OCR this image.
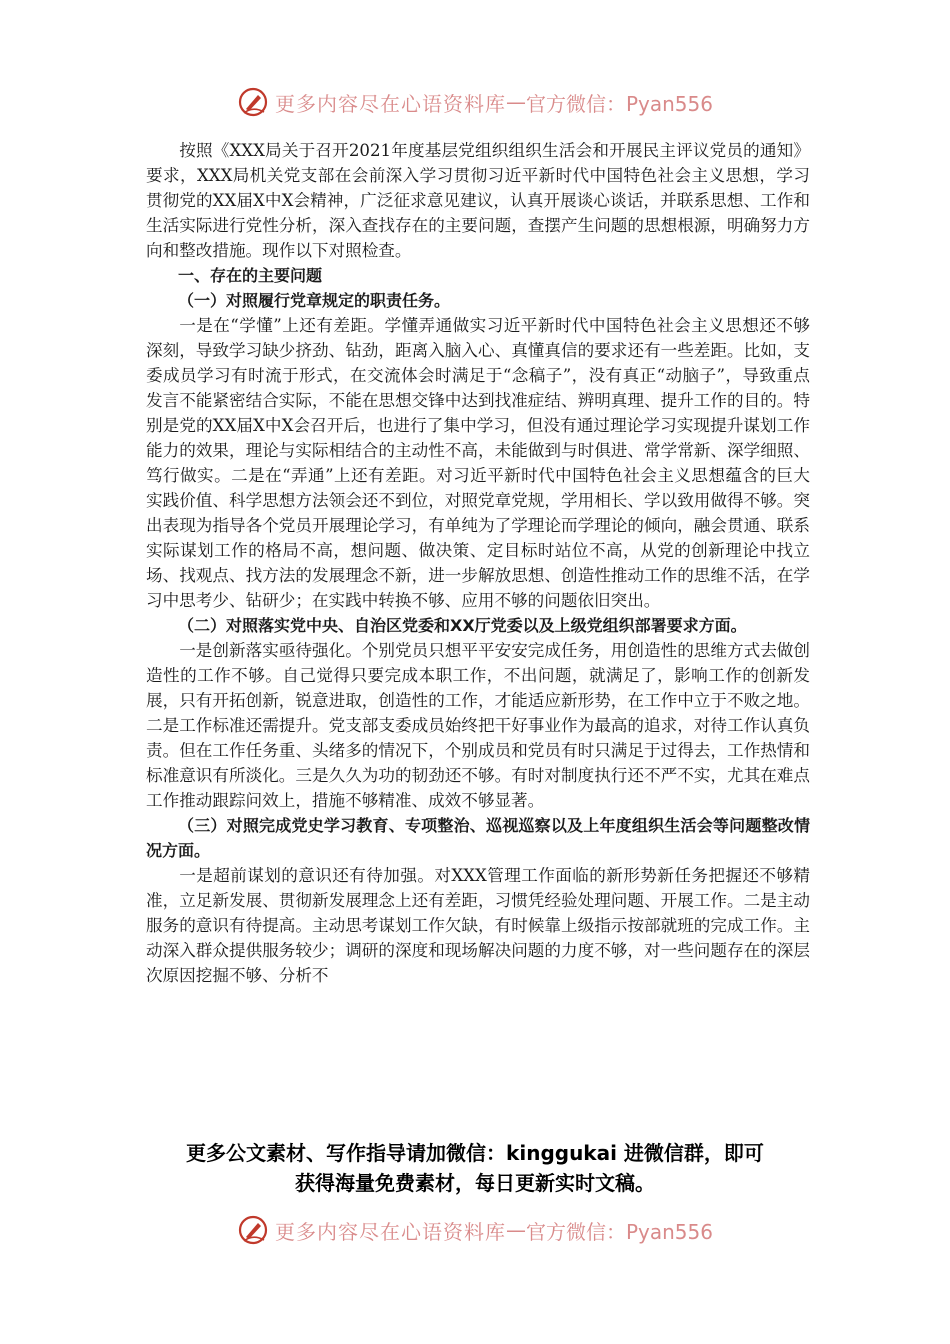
更多内容尽在心语资料库 — 官方微信：Pyan556

按照《XXX局关于召开2021年度基层党组织组织生活会和开展民主评议党员的通知》要求，XXX局机关党支部在会前深入学习贯彻习近平新时代中国特色社会主义思想，学习贯彻党的XX届X中X会精神，广泛征求意见建议，认真开展谈心谈话，并联系思想、工作和生活实际进行党性分析，深入查找存在的主要问题，查摆产生问题的思想根源，明确努力方向和整改措施。现作以下对照检查。

一、存在的主要问题

（一）对照履行党章规定的职责任务。

一是在“学懂”上还有差距。学懂弄通做实习近平新时代中国特色社会主义思想还不够深刻，导致学习缺少挤劲、钻劲，距离入脑入心、真懂真信的要求还有一些差距。比如，支委成员学习有时流于形式，在交流体会时满足于“念稿子”，没有真正“动脑子”，导致重点发言不能紧密结合实际，不能在思想交锋中达到找准症结、辨明真理、提升工作的目的。特别是党的XX届X中X会召开后，也进行了集中学习，但没有通过理论学习实现提升谋划工作能力的效果，理论与实际相结合的主动性不高，未能做到与时俱进、常学常新、深学细照、笃行做实。二是在“弄通”上还有差距。对习近平新时代中国特色社会主义思想蕴含的巨大实践价值、科学思想方法领会还不到位，对照党章党规，学用相长、学以致用做得不够。突出表现为指导各个党员开展理论学习，有单纯为了学理论而学理论的倾向，融会贯通、联系实际谋划工作的格局不高，想问题、做决策、定目标时站位不高，从党的创新理论中找立场、找观点、找方法的发展理念不新，进一步解放思想、创造性推动工作的思维不活，在学习中思考少、钻研少；在实践中转换不够、应用不够的问题依旧突出。

（二）对照落实党中央、自治区党委和XX厅党委以及上级党组织部署要求方面。

一是创新落实亟待强化。个别党员只想平平安安完成任务，用创造性的思维方式去做创造性的工作不够。自己觉得只要完成本职工作，不出问题，就满足了，影响工作的创新发展，只有开拓创新，锐意进取，创造性的工作，才能适应新形势，在工作中立于不败之地。二是工作标准还需提升。党支部支委成员始终把干好事业作为最高的追求，对待工作认真负责。但在工作任务重、头绪多的情况下，个别成员和党员有时只满足于过得去，工作热情和标准意识有所淡化。三是久久为功的韧劲还不够。有时对制度执行还不严不实，尤其在难点工作推动跟踪问效上，措施不够精准、成效不够显著。

（三）对照完成党史学习教育、专项整治、巡视巡察以及上年度组织生活会等问题整改情况方面。

一是超前谋划的意识还有待加强。对XXX管理工作面临的新形势新任务把握还不够精准，立足新发展、贯彻新发展理念上还有差距，习惯凭经验处理问题、开展工作。二是主动服务的意识有待提高。主动思考谋划工作欠缺，有时候靠上级指示按部就班的完成工作。主动深入群众提供服务较少；调研的深度和现场解决问题的力度不够，对一些问题存在的深层次原因挖掘不够、分析不

更多公文素材、写作指导请加微信：kinggukai 进微信群，即可
获得海量免费素材，每日更新实时文稿。
更多内容尽在心语资料库 — 官方微信：Pyan556
